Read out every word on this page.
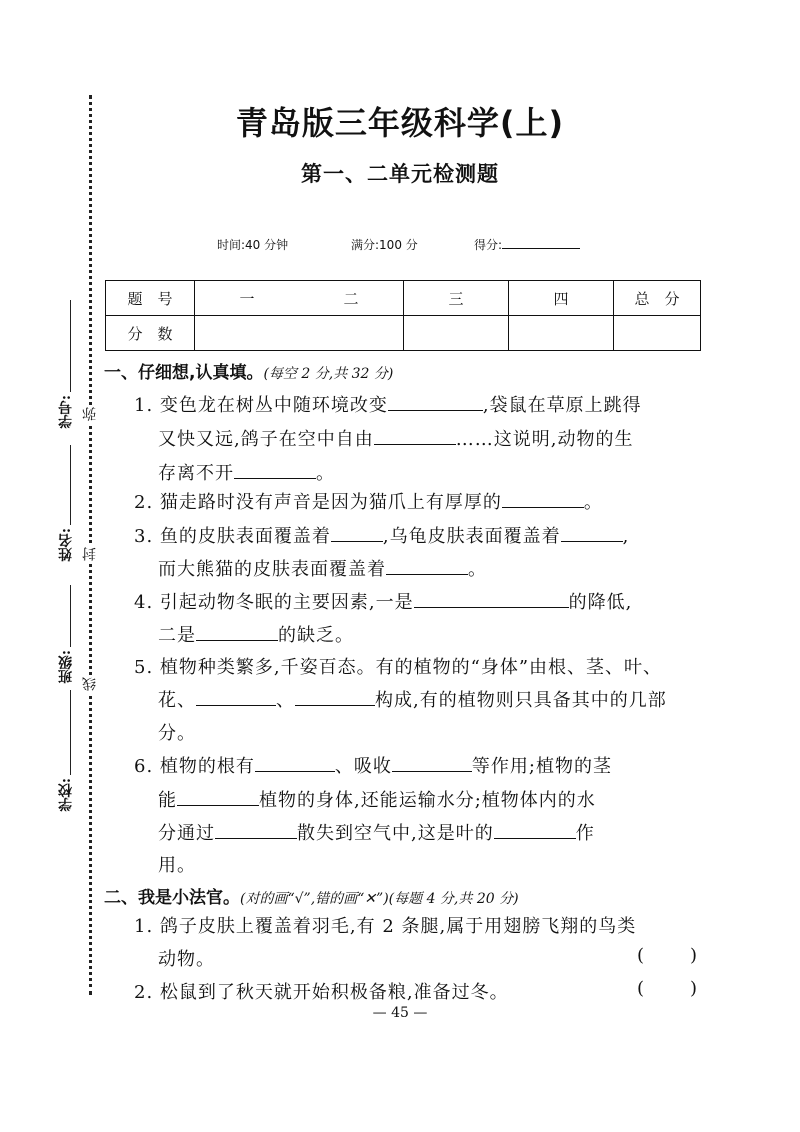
弥
封
线
学号:
姓名:
班级:
学校:
青岛版三年级科学(上)
第一、二单元检测题
时间:40 分钟	满分:100 分	得分:
题　号	一	二	三	四	总　分
分　数					
一、仔细想,认真填。(每空 2 分,共 32 分)
1. 变色龙在树丛中随环境改变	,袋鼠在草原上跳得
又快又远,鸽子在空中自由	……这说明,动物的生
存离不开	。
2. 猫走路时没有声音是因为猫爪上有厚厚的	。
3. 鱼的皮肤表面覆盖着	,乌龟皮肤表面覆盖着	,
而大熊猫的皮肤表面覆盖着	。
4. 引起动物冬眠的主要因素,一是	的降低,
二是	的缺乏。
5. 植物种类繁多,千姿百态。有的植物的“身体”由根、茎、叶、
花、	、	构成,有的植物则只具备其中的几部
分。
6. 植物的根有	、吸收	等作用;植物的茎
能	植物的身体,还能运输水分;植物体内的水
分通过	散失到空气中,这是叶的	作
用。
二、我是小法官。(对的画“√”,错的画“✕”)(每题 4 分,共 20 分)
1. 鸽子皮肤上覆盖着羽毛,有 2 条腿,属于用翅膀飞翔的鸟类
动物。	(	)
2. 松鼠到了秋天就开始积极备粮,准备过冬。	(	)
— 45 —
